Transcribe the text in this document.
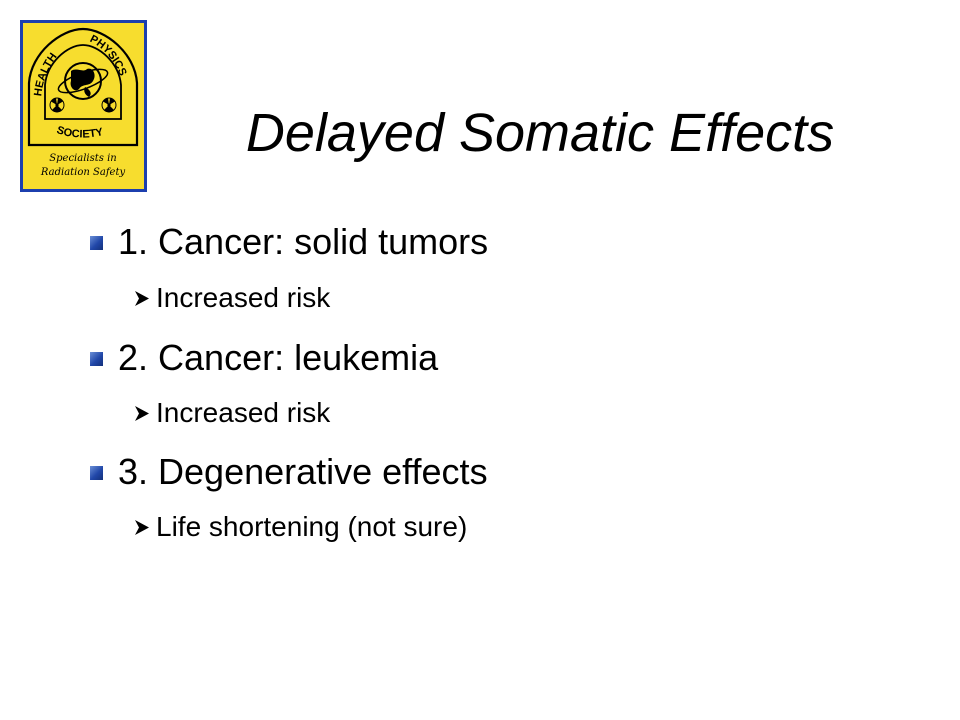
HEALTH
PHYSICS
SOCIETY
Specialists in
Radiation Safety
Delayed Somatic Effects
1. Cancer: solid tumors
Increased risk
2. Cancer: leukemia
Increased risk
3. Degenerative effects
Life shortening (not sure)
